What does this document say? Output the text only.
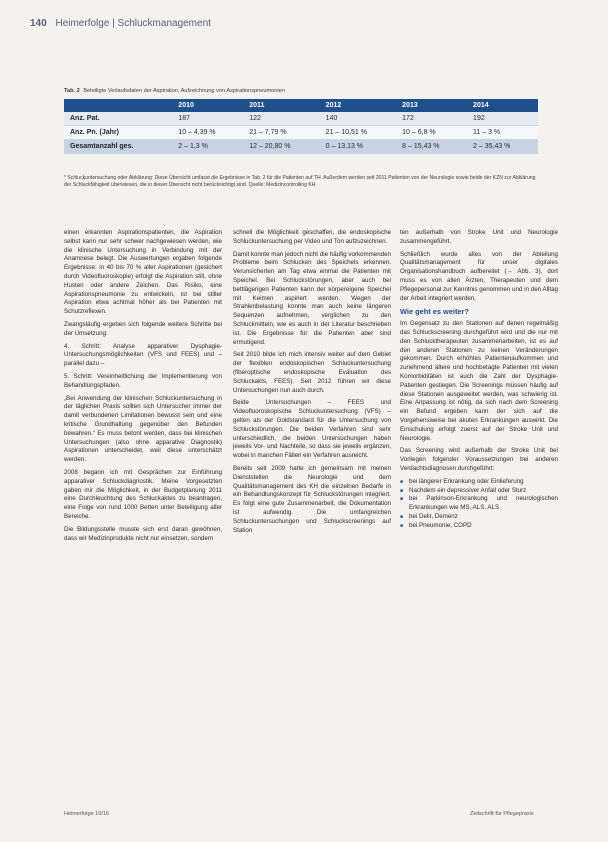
140 Heimerfolge | Schluckmanagement
Tab. 2 Beteiligte Verlaufsdaten der Aspiration, Aufzeichnung von Aspirationspneumonien
	2010	2011	2012	2013	2014
Anz. Pat.	187	122	140	172	192
Anz. Pn. (Jahr)	10 – 4,39 %	21 – 7,79 %	21 – 10,51 %	10 – 6,8 %	11 – 3 %
Gesamtanzahl ges.	2 – 1,3 %	12 – 20,80 %	0 – 13,13 %	8 – 15,43 %	2 – 35,43 %
* Schluckuntersuchung oder Abklärung: Diese Übersicht umfasst die Ergebnisse in Tab. 2 für die Patienten auf TH. Außerdem werden seit 2011 Patienten von der Neurologie sowie beide der KZN zur Abklärung der Schluckfähigkeit überwiesen, die in dieser Übersicht nicht berücksichtigt sind. Quelle: Medizincontrolling KH.

einen erkannten Aspirationspatienten, die Aspiration selbst kann nur sehr schwer nachgewiesen werden, wie die klinische Untersuchung in Verbindung mit der Anamnese belegt. Die Auswertungen ergaben folgende Ergebnisse: in 40 bis 70 % aller Aspirationen (gesichert durch Videofluoroskopie) erfolgt die Aspiration still, ohne Husten oder andere Zeichen. Das Risiko, eine Aspirationspneumonie zu entwickeln, ist bei stiller Aspiration etwa achtmal höher als bei Patienten mit Schutzreflexen.

Zwangsläufig ergeben sich folgende weitere Schritte bei der Umsetzung:

4. Schritt: Analyse apparativer Dysphagie-Untersuchungsmöglichkeiten (VFS und FEES) und – parallel dazu –

5. Schritt: Vereinheitlichung der Implementierung von Behandlungspfaden.

„Bei Anwendung der klinischen Schluckuntersuchung in der täglichen Praxis sollten sich Untersucher immer der damit verbundenen Limitationen bewusst sein und eine kritische Grundhaltung gegenüber den Befunden bewahren.“ Es muss betont werden, dass bei klinischen Untersuchungen (also ohne apparative Diagnostik) Aspirationen unterscheidet, weil diese unterschätzt werden.

2008 begann ich mit Gesprächen zur Einführung apparativer Schluckdiagnostik. Meine Vorgesetzten gaben mir die Möglichkeit, in der Budgetplanung 2011 eine Durchleuchtung des Schluckaktes zu beantragen, eine Folge von rund 1000 Betten unter Beteiligung aller Bereiche.

Die Bildungsstelle musste sich erst daran gewöhnen, dass wir Medizinprodukte nicht nur einsetzen, sondern

schnell die Möglichkeit geschaffen, die endoskopische Schluckuntersuchung per Video und Ton aufzuzeichnen.

Damit konnte man jedoch nicht die häufig vorkommenden Probleme beim Schlucken des Speichels erkennen. Verunsicherten am Tag etwa einmal die Patienten mit Speichel. Bei Schluckstörungen, aber auch bei bettlägerigen Patienten kann der körpereigene Speichel mit Keimen aspiriert werden. Wegen der Strahlenbelastung konnte man auch keine längeren Sequenzen aufnehmen, verglichen zu den Schluckmitteln, wie es auch in der Literatur beschrieben ist. Die Ergebnisse für die Patienten aber sind ermutigend.

Seit 2010 bilde ich mich intensiv weiter auf dem Gebiet der flexiblen endoskopischen Schluckuntersuchung (fiberoptische endoskopische Evaluation des Schluckakts, FEES). Seit 2012 führen wir diese Untersuchungen nun auch durch.

Beide Untersuchungen – FEES und Videofluoroskopische Schluckuntersuchung (VFS) – gelten als der Goldstandard für die Untersuchung von Schluckstörungen. Die beiden Verfahren sind sehr unterschiedlich, die beiden Untersuchungen haben jeweils Vor- und Nachteile, so dass sie jeweils ergänzen, wobei in manchen Fällen ein Verfahren ausreicht.

Bereits seit 2009 hatte ich gemeinsam mit meinen Dienststellen die Neurologie und dem Qualitätsmanagement des KH die einzelnen Bedarfe in ein Behandlungskonzept für Schluckstörungen integriert. Es folgt eine gute Zusammenarbeit, die Dokumentation ist aufwendig. Die umfangreichen Schluckuntersuchungen und Schluckscreenings auf Station

ten außerhalb von Stroke Unit und Neurologie zusammengeführt.

Schließlich wurde alles von der Abteilung Qualitätsmanagement für unser digitales Organisationshandbuch aufbereitet (→ Abb. 3), dort muss es von allen Ärzten, Therapeuten und dem Pflegepersonal zur Kenntnis genommen und in den Alltag der Arbeit integriert werden.

Wie geht es weiter?

Im Gegensatz zu den Stationen auf denen regelmäßig das Schluckscreening durchgeführt wird und die nur mit den Schlucktherapeuten zusammenarbeiten, ist es auf den anderen Stationen zu keinen Veränderungen gekommen. Durch erhöhtes Patientenaufkommen und zunehmend ältere und hochbetagte Patienten mit vielen Komorbiditäten ist auch die Zahl der Dysphagie-Patienten gestiegen. Die Screenings müssen häufig auf diese Stationen ausgeweitet werden, was schwierig ist. Eine Anpassung ist nötig, da sich nach dem Screening ein Befund ergeben kann der sich auf die Vorgehensweise bei akuten Erkrankungen auswirkt. Die Einschulung erfolgt zuerst auf der Stroke Unit und Neurologie.

Das Screening wird außerhalb der Stroke Unit bei Vorliegen folgender Voraussetzungen bei anderen Verdachtsdiagnosen durchgeführt:

■ bei längerer Erkrankung oder Einlieferung
■ Nachdem ein depressiver Anfall oder Sturz
■ bei Parkinson-Erkrankung und neurologischen Erkrankungen wie MS, ALS, ALS
■ bei Delir, Demenz
■ bei Pneumonie, COPD
Heimerfolge 10/16	Zeitschrift für Pflegepraxis
